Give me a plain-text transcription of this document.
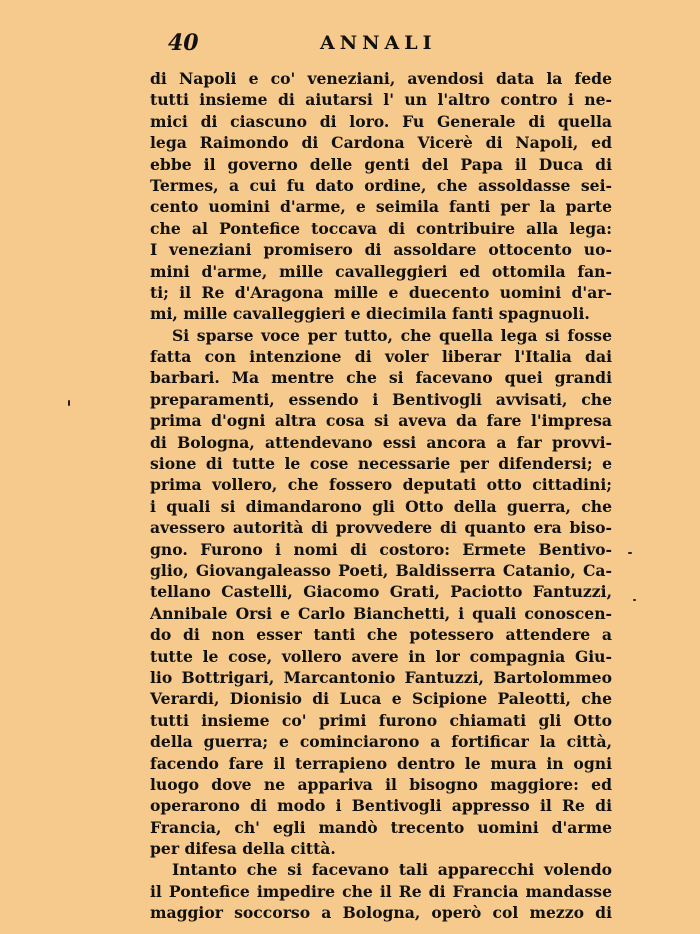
40	ANNALI
di Napoli e co' veneziani, avendosi data la fede
tutti insieme di aiutarsi l' un l'altro contro i ne-
mici di ciascuno di loro. Fu Generale di quella
lega Raimondo di Cardona Vicerè di Napoli, ed
ebbe il governo delle genti del Papa il Duca di
Termes, a cui fu dato ordine, che assoldasse sei-
cento uomini d'arme, e seimila fanti per la parte
che al Pontefice toccava di contribuire alla lega:
I veneziani promisero di assoldare ottocento uo-
mini d'arme, mille cavalleggieri ed ottomila fan-
ti; il Re d'Aragona mille e duecento uomini d'ar-
mi, mille cavalleggieri e diecimila fanti spagnuoli.
Si sparse voce per tutto, che quella lega si fosse
fatta con intenzione di voler liberar l'Italia dai
barbari. Ma mentre che si facevano quei grandi
preparamenti, essendo i Bentivogli avvisati, che
prima d'ogni altra cosa si aveva da fare l'impresa
di Bologna, attendevano essi ancora a far provvi-
sione di tutte le cose necessarie per difendersi; e
prima vollero, che fossero deputati otto cittadini;
i quali si dimandarono gli Otto della guerra, che
avessero autorità di provvedere di quanto era biso-
gno. Furono i nomi di costoro: Ermete Bentivo-
glio, Giovangaleasso Poeti, Baldisserra Catanio, Ca-
tellano Castelli, Giacomo Grati, Paciotto Fantuzzi,
Annibale Orsi e Carlo Bianchetti, i quali conoscen-
do di non esser tanti che potessero attendere a
tutte le cose, vollero avere in lor compagnia Giu-
lio Bottrigari, Marcantonio Fantuzzi, Bartolommeo
Verardi, Dionisio di Luca e Scipione Paleotti, che
tutti insieme co' primi furono chiamati gli Otto
della guerra; e cominciarono a fortificar la città,
facendo fare il terrapieno dentro le mura in ogni
luogo dove ne appariva il bisogno maggiore: ed
operarono di modo i Bentivogli appresso il Re di
Francia, ch' egli mandò trecento uomini d'arme
per difesa della città.
Intanto che si facevano tali apparecchi volendo
il Pontefice impedire che il Re di Francia mandasse
maggior soccorso a Bologna, operò col mezzo di
